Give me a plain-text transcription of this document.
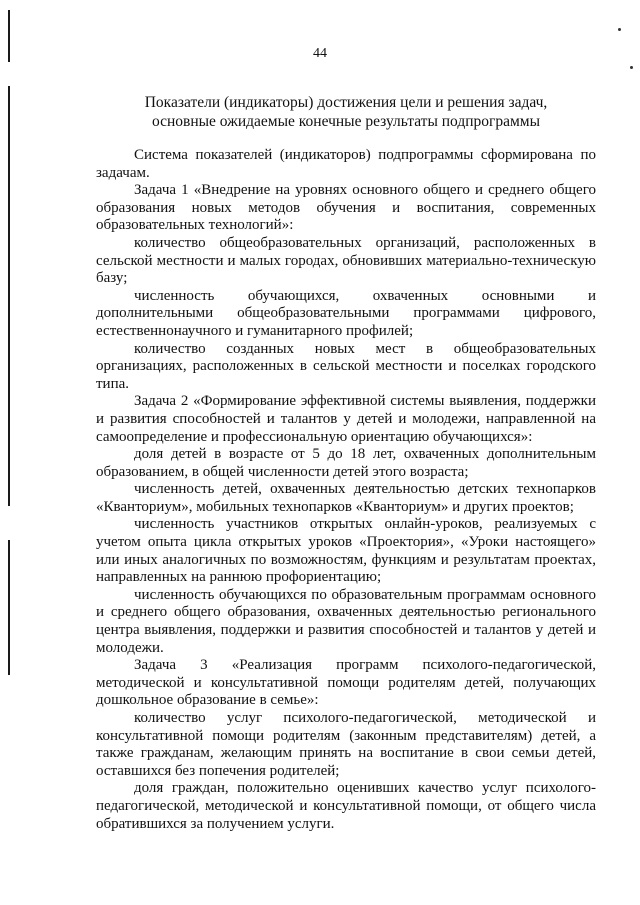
44
Показатели (индикаторы) достижения цели и решения задач,
основные ожидаемые конечные результаты подпрограммы

Система показателей (индикаторов) подпрограммы сформирована по задачам.

Задача 1 «Внедрение на уровнях основного общего и среднего общего образования новых методов обучения и воспитания, современных образовательных технологий»:

количество общеобразовательных организаций, расположенных в сельской местности и малых городах, обновивших материально-техническую базу;

численность обучающихся, охваченных основными и дополнительными общеобразовательными программами цифрового, естественнонаучного и гуманитарного профилей;

количество созданных новых мест в общеобразовательных организациях, расположенных в сельской местности и поселках городского типа.

Задача 2 «Формирование эффективной системы выявления, поддержки и развития способностей и талантов у детей и молодежи, направленной на самоопределение и профессиональную ориентацию обучающихся»:

доля детей в возрасте от 5 до 18 лет, охваченных дополнительным образованием, в общей численности детей этого возраста;

численность детей, охваченных деятельностью детских технопарков «Кванториум», мобильных технопарков «Кванториум» и других проектов;

численность участников открытых онлайн-уроков, реализуемых с учетом опыта цикла открытых уроков «Проектория», «Уроки настоящего» или иных аналогичных по возможностям, функциям и результатам проектах, направленных на раннюю профориентацию;

численность обучающихся по образовательным программам основного и среднего общего образования, охваченных деятельностью регионального центра выявления, поддержки и развития способностей и талантов у детей и молодежи.

Задача 3 «Реализация программ психолого-педагогической, методической и консультативной помощи родителям детей, получающих дошкольное образование в семье»:

количество услуг психолого-педагогической, методической и консультативной помощи родителям (законным представителям) детей, а также гражданам, желающим принять на воспитание в свои семьи детей, оставшихся без попечения родителей;

доля граждан, положительно оценивших качество услуг психолого-педагогической, методической и консультативной помощи, от общего числа обратившихся за получением услуги.
